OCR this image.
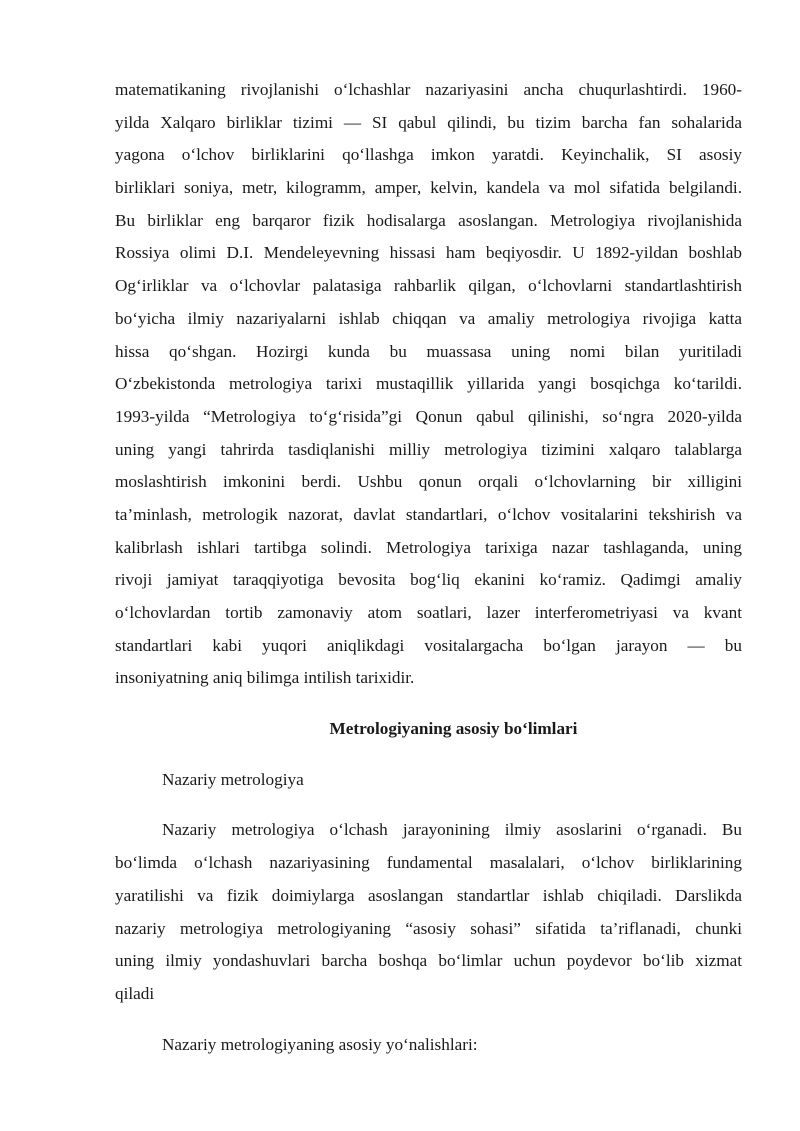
matematikaning rivojlanishi o‘lchashlar nazariyasini ancha chuqurlashtirdi. 1960-
yilda Xalqaro birliklar tizimi — SI qabul qilindi, bu tizim barcha fan sohalarida
yagona o‘lchov birliklarini qo‘llashga imkon yaratdi. Keyinchalik, SI asosiy
birliklari soniya, metr, kilogramm, amper, kelvin, kandela va mol sifatida belgilandi.
Bu birliklar eng barqaror fizik hodisalarga asoslangan. Metrologiya rivojlanishida
Rossiya olimi D.I. Mendeleyevning hissasi ham beqiyosdir. U 1892-yildan boshlab
Og‘irliklar va o‘lchovlar palatasiga rahbarlik qilgan, o‘lchovlarni standartlashtirish
bo‘yicha ilmiy nazariyalarni ishlab chiqqan va amaliy metrologiya rivojiga katta
hissa qo‘shgan. Hozirgi kunda bu muassasa uning nomi bilan yuritiladi
O‘zbekistonda metrologiya tarixi mustaqillik yillarida yangi bosqichga ko‘tarildi.
1993-yilda “Metrologiya to‘g‘risida”gi Qonun qabul qilinishi, so‘ngra 2020-yilda
uning yangi tahrirda tasdiqlanishi milliy metrologiya tizimini xalqaro talablarga
moslashtirish imkonini berdi. Ushbu qonun orqali o‘lchovlarning bir xilligini
ta’minlash, metrologik nazorat, davlat standartlari, o‘lchov vositalarini tekshirish va
kalibrlash ishlari tartibga solindi. Metrologiya tarixiga nazar tashlaganda, uning
rivoji jamiyat taraqqiyotiga bevosita bog‘liq ekanini ko‘ramiz. Qadimgi amaliy
o‘lchovlardan tortib zamonaviy atom soatlari, lazer interferometriyasi va kvant
standartlari kabi yuqori aniqlikdagi vositalargacha bo‘lgan jarayon — bu
insoniyatning aniq bilimga intilish tarixidir.
Metrologiyaning asosiy bo‘limlari
Nazariy metrologiya
Nazariy metrologiya o‘lchash jarayonining ilmiy asoslarini o‘rganadi. Bu
bo‘limda o‘lchash nazariyasining fundamental masalalari, o‘lchov birliklarining
yaratilishi va fizik doimiylarga asoslangan standartlar ishlab chiqiladi. Darslikda
nazariy metrologiya metrologiyaning “asosiy sohasi” sifatida ta’riflanadi, chunki
uning ilmiy yondashuvlari barcha boshqa bo‘limlar uchun poydevor bo‘lib xizmat
qiladi
Nazariy metrologiyaning asosiy yo‘nalishlari:
